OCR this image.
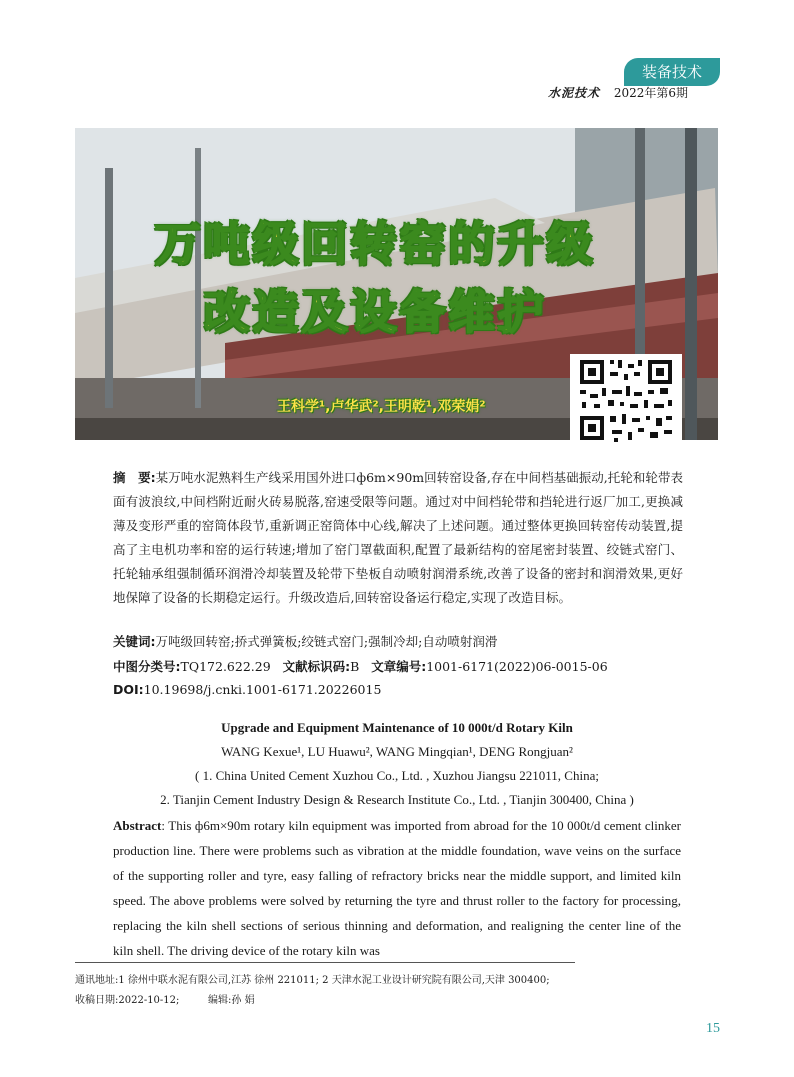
装备技术
水泥技术 2022年第6期
万吨级回转窑的升级
改造及设备维护
王科学¹,卢华武²,王明乾¹,邓荣娟²
摘　要:某万吨水泥熟料生产线采用国外进口ф6m×90m回转窑设备,存在中间档基础振动,托轮和轮带表面有波浪纹,中间档附近耐火砖易脱落,窑速受限等问题。通过对中间档轮带和挡轮进行返厂加工,更换减薄及变形严重的窑筒体段节,重新调正窑筒体中心线,解决了上述问题。通过整体更换回转窑传动装置,提高了主电机功率和窑的运行转速;增加了窑门罩截面积,配置了最新结构的窑尾密封装置、绞链式窑门、托轮轴承组强制循环润滑冷却装置及轮带下垫板自动喷射润滑系统,改善了设备的密封和润滑效果,更好地保障了设备的长期稳定运行。升级改造后,回转窑设备运行稳定,实现了改造目标。
关键词:万吨级回转窑;挢式弹簧板;绞链式窑门;强制冷却;自动喷射润滑
中图分类号:TQ172.622.29 文献标识码:B 文章编号:1001-6171(2022)06-0015-06
DOI:10.19698/j.cnki.1001-6171.20226015
Upgrade and Equipment Maintenance of 10 000t/d Rotary Kiln
WANG Kexue¹, LU Huawu², WANG Mingqian¹, DENG Rongjuan²
( 1. China United Cement Xuzhou Co., Ltd. , Xuzhou Jiangsu 221011, China;
2. Tianjin Cement Industry Design & Research Institute Co., Ltd. , Tianjin 300400, China )
Abstract: This ф6m×90m rotary kiln equipment was imported from abroad for the 10 000t/d cement clinker production line. There were problems such as vibration at the middle foundation, wave veins on the surface of the supporting roller and tyre, easy falling of refractory bricks near the middle support, and limited kiln speed. The above problems were solved by returning the tyre and thrust roller to the factory for processing, replacing the kiln shell sections of serious thinning and deformation, and realigning the center line of the kiln shell. The driving device of the rotary kiln was
通讯地址:1 徐州中联水泥有限公司,江苏 徐州 221011; 2 天津水泥工业设计研究院有限公司,天津 300400;
收稿日期:2022-10-12;	编辑:孙 娟
15
